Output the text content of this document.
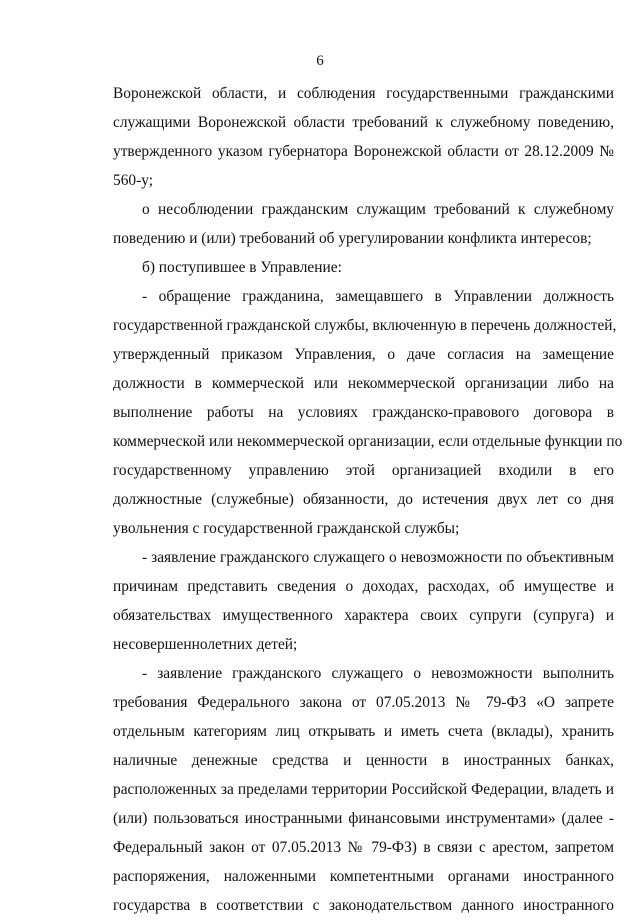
6
Воронежской области, и соблюдения государственными гражданскими
служащими Воронежской области требований к служебному поведению,
утвержденного указом губернатора Воронежской области от 28.12.2009 №
560-у;
о несоблюдении гражданским служащим требований к служебному
поведению и (или) требований об урегулировании конфликта интересов;
б) поступившее в Управление:
- обращение гражданина, замещавшего в Управлении должность
государственной гражданской службы, включенную в перечень должностей,
утвержденный приказом Управления, о даче согласия на замещение
должности в коммерческой или некоммерческой организации либо на
выполнение работы на условиях гражданско-правового договора в
коммерческой или некоммерческой организации, если отдельные функции по
государственному управлению этой организацией входили в его
должностные (служебные) обязанности, до истечения двух лет со дня
увольнения с государственной гражданской службы;
- заявление гражданского служащего о невозможности по объективным
причинам представить сведения о доходах, расходах, об имуществе и
обязательствах имущественного характера своих супруги (супруга) и
несовершеннолетних детей;
- заявление гражданского служащего о невозможности выполнить
требования Федерального закона от 07.05.2013 № 79-ФЗ «О запрете
отдельным категориям лиц открывать и иметь счета (вклады), хранить
наличные денежные средства и ценности в иностранных банках,
расположенных за пределами территории Российской Федерации, владеть и
(или) пользоваться иностранными финансовыми инструментами» (далее -
Федеральный закон от 07.05.2013 № 79-ФЗ) в связи с арестом, запретом
распоряжения, наложенными компетентными органами иностранного
государства в соответствии с законодательством данного иностранного
